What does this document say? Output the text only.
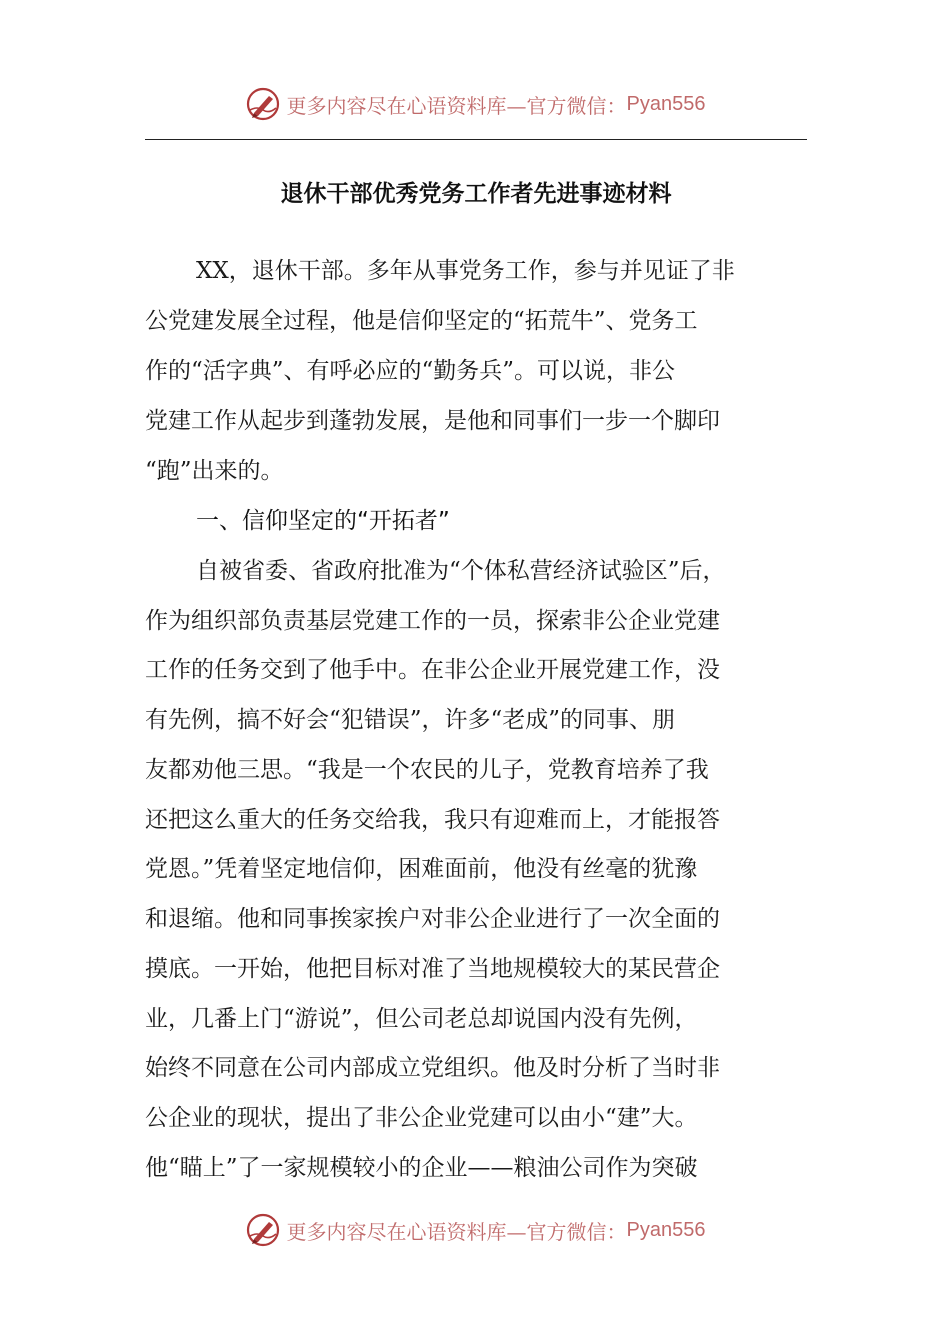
更多内容尽在心语资料库—官方微信： Pyan556
退休干部优秀党务工作者先进事迹材料
XX，退休干部。多年从事党务工作，参与并见证了非
公党建发展全过程，他是信仰坚定的“拓荒牛”、党务工
作的“活字典”、有呼必应的“勤务兵”。可以说，非公
党建工作从起步到蓬勃发展，是他和同事们一步一个脚印
“跑”出来的。
一、信仰坚定的“开拓者”
自被省委、省政府批准为“个体私营经济试验区”后，
作为组织部负责基层党建工作的一员，探索非公企业党建
工作的任务交到了他手中。在非公企业开展党建工作，没
有先例，搞不好会“犯错误”，许多“老成”的同事、朋
友都劝他三思。“我是一个农民的儿子，党教育培养了我
还把这么重大的任务交给我，我只有迎难而上，才能报答
党恩。”凭着坚定地信仰，困难面前，他没有丝毫的犹豫
和退缩。他和同事挨家挨户对非公企业进行了一次全面的
摸底。一开始，他把目标对准了当地规模较大的某民营企
业，几番上门“游说”，但公司老总却说国内没有先例，
始终不同意在公司内部成立党组织。他及时分析了当时非
公企业的现状，提出了非公企业党建可以由小“建”大。
他“瞄上”了一家规模较小的企业——粮油公司作为突破
更多内容尽在心语资料库—官方微信： Pyan556
